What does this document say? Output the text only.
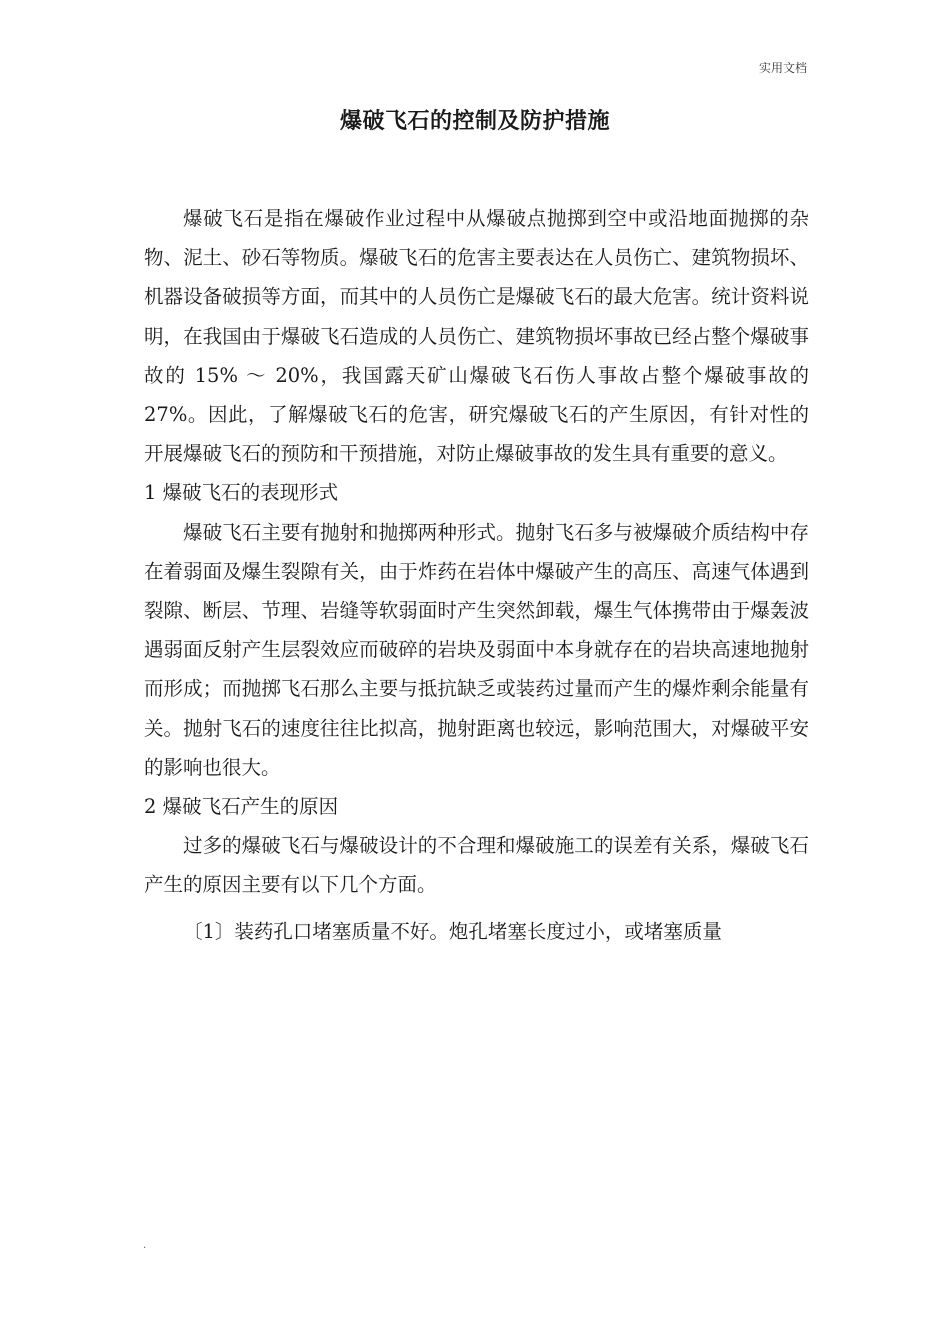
实用文档
爆破飞石的控制及防护措施

爆破飞石是指在爆破作业过程中从爆破点抛掷到空中或沿地面抛掷的杂物、泥土、砂石等物质。爆破飞石的危害主要表达在人员伤亡、建筑物损坏、机器设备破损等方面，而其中的人员伤亡是爆破飞石的最大危害。统计资料说明，在我国由于爆破飞石造成的人员伤亡、建筑物损坏事故已经占整个爆破事故的 15% ～ 20%，我国露天矿山爆破飞石伤人事故占整个爆破事故的27%。因此，了解爆破飞石的危害，研究爆破飞石的产生原因，有针对性的开展爆破飞石的预防和干预措施，对防止爆破事故的发生具有重要的意义。

1 爆破飞石的表现形式

爆破飞石主要有抛射和抛掷两种形式。抛射飞石多与被爆破介质结构中存在着弱面及爆生裂隙有关，由于炸药在岩体中爆破产生的高压、高速气体遇到裂隙、断层、节理、岩缝等软弱面时产生突然卸载，爆生气体携带由于爆轰波遇弱面反射产生层裂效应而破碎的岩块及弱面中本身就存在的岩块高速地抛射而形成；而抛掷飞石那么主要与抵抗缺乏或装药过量而产生的爆炸剩余能量有关。抛射飞石的速度往往比拟高，抛射距离也较远，影响范围大，对爆破平安的影响也很大。

2 爆破飞石产生的原因

过多的爆破飞石与爆破设计的不合理和爆破施工的误差有关系，爆破飞石产生的原因主要有以下几个方面。

〔1〕装药孔口堵塞质量不好。炮孔堵塞长度过小，或堵塞质量

.
